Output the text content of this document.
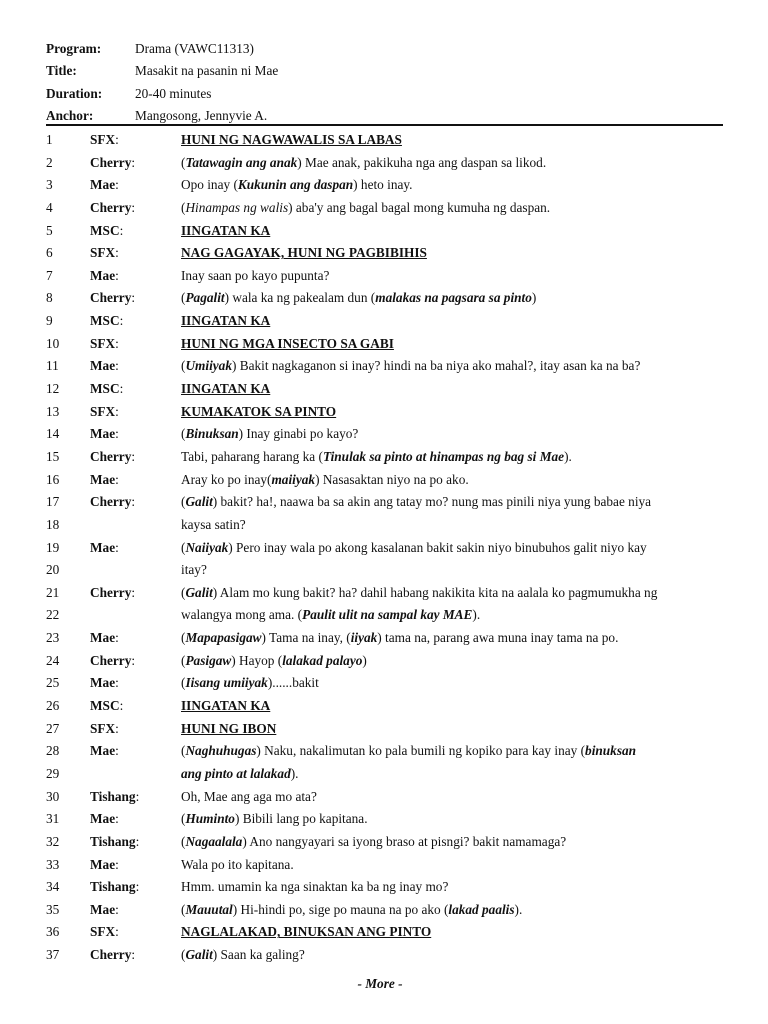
Program:	Drama (VAWC11313)
Title:	Masakit na pasanin ni Mae
Duration: 20-40 minutes
Anchor:	Mangosong, Jennyvie A.
1	SFX:	HUNI NG NAGWAWALIS SA LABAS
2	Cherry:	(Tatawagin ang anak) Mae anak, pakikuha nga ang daspan sa likod.
3	Mae:	Opo inay (Kukunin ang daspan) heto inay.
4	Cherry:	(Hinampas ng walis) aba'y ang bagal bagal mong kumuha ng daspan.
5	MSC:	IINGATAN KA
6	SFX:	NAG GAGAYAK, HUNI NG PAGBIBIHIS
7	Mae:	Inay saan po kayo pupunta?
8	Cherry:	(Pagalit) wala ka ng pakealam dun (malakas na pagsara sa pinto)
9	MSC:	IINGATAN KA
10 SFX:	HUNI NG MGA INSECTO SA GABI
11 Mae:	(Umiiyak) Bakit nagkaganon si inay? hindi na ba niya ako mahal?, itay asan ka na ba?
12 MSC:	IINGATAN KA
13 SFX:	KUMAKATOK SA PINTO
14 Mae:	(Binuksan) Inay ginabi po kayo?
15 Cherry:	Tabi, paharang harang ka (Tinulak sa pinto at hinampas ng bag si Mae).
16 Mae:	Aray ko po inay(maiiyak) Nasasaktan niyo na po ako.
17 Cherry:	(Galit) bakit? ha!, naawa ba sa akin ang tatay mo? nung mas pinili niya yung babae niya
18	kaysa satin?
19 Mae:	(Naiiyak) Pero inay wala po akong kasalanan bakit sakin niyo binubuhos galit niyo kay
20	itay?
21 Cherry:	(Galit) Alam mo kung bakit? ha? dahil habang nakikita kita na aalala ko pagmumukha ng
22	walangya mong ama. (Paulit ulit na sampal kay MAE).
23 Mae:	(Mapapasigaw) Tama na inay, (iiyak) tama na, parang awa muna inay tama na po.
24 Cherry:	(Pasigaw) Hayop (lalakad palayo)
25 Mae:	(Iisang umiiyak)......bakit
26 MSC:	IINGATAN KA
27 SFX:	HUNI NG IBON
28 Mae:	(Naghuhugas) Naku, nakalimutan ko pala bumili ng kopiko para kay inay (binuksan
29	ang pinto at lalakad).
30 Tishang:	Oh, Mae ang aga mo ata?
31 Mae:	(Huminto) Bibili lang po kapitana.
32 Tishang:	(Nagaalala) Ano nangyayari sa iyong braso at pisngi? bakit namamaga?
33 Mae:	Wala po ito kapitana.
34 Tishang:	Hmm. umamin ka nga sinaktan ka ba ng inay mo?
35 Mae:	(Mauutal) Hi-hindi po, sige po mauna na po ako (lakad paalis).
36 SFX:	NAGLALAKAD, BINUKSAN ANG PINTO
37 Cherry:	(Galit) Saan ka galing?
- More -
